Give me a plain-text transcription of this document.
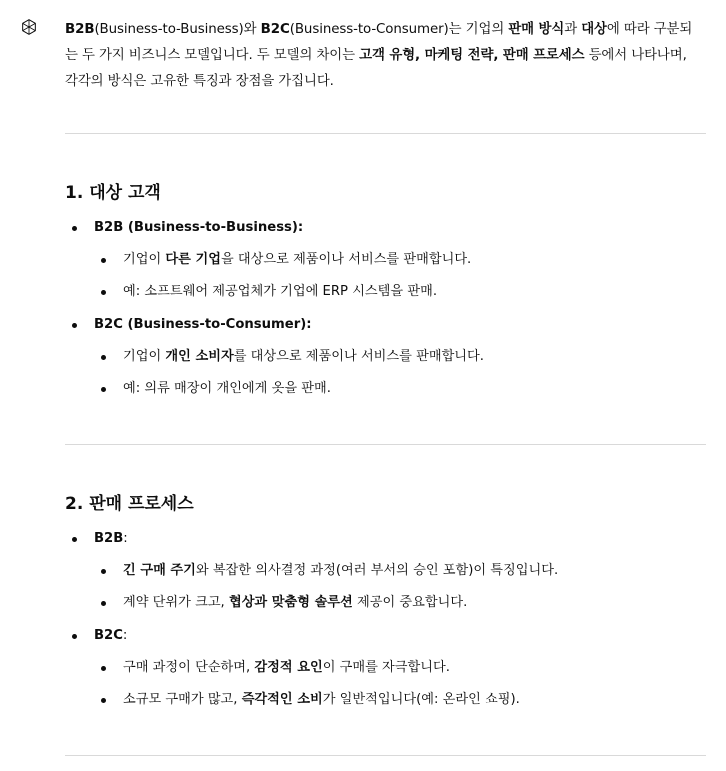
B2B(Business-to-Business)와 B2C(Business-to-Consumer)는 기업의 판매 방식과 대상에 따라 구분되는 두 가지 비즈니스 모델입니다. 두 모델의 차이는 고객 유형, 마케팅 전략, 판매 프로세스 등에서 나타나며, 각각의 방식은 고유한 특징과 장점을 가집니다.

1. 대상 고객
B2B (Business-to-Business):
기업이 다른 기업을 대상으로 제품이나 서비스를 판매합니다.
예: 소프트웨어 제공업체가 기업에 ERP 시스템을 판매.
B2C (Business-to-Consumer):
기업이 개인 소비자를 대상으로 제품이나 서비스를 판매합니다.
예: 의류 매장이 개인에게 옷을 판매.
2. 판매 프로세스
B2B:
긴 구매 주기와 복잡한 의사결정 과정(여러 부서의 승인 포함)이 특징입니다.
계약 단위가 크고, 협상과 맞춤형 솔루션 제공이 중요합니다.
B2C:
구매 과정이 단순하며, 감정적 요인이 구매를 자극합니다.
소규모 구매가 많고, 즉각적인 소비가 일반적입니다(예: 온라인 쇼핑).
